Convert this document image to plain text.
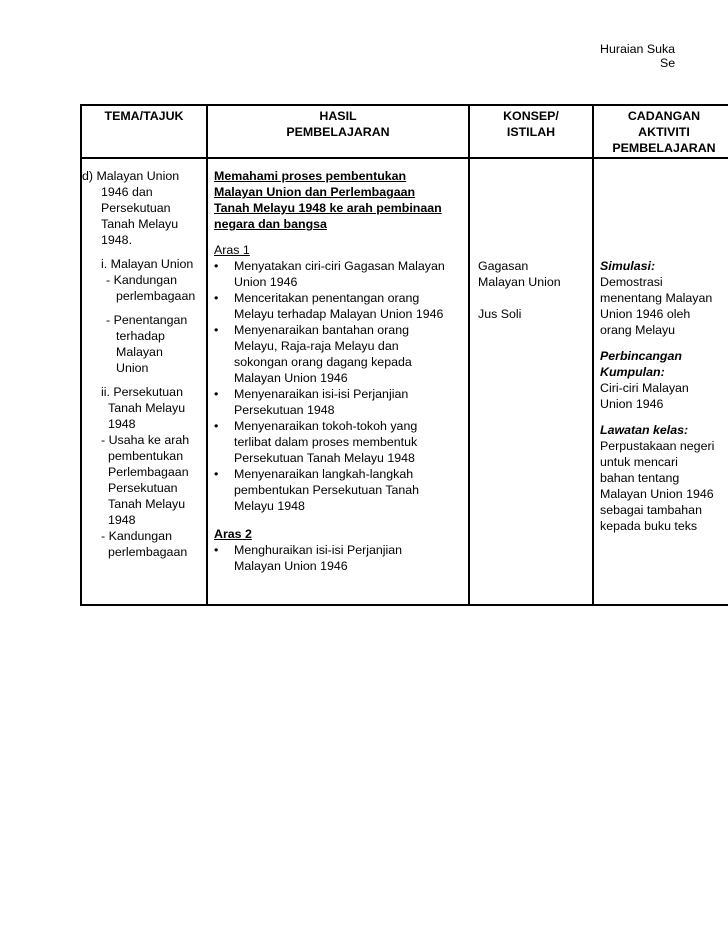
Huraian Suka
Se
TEMA/TAJUK	HASIL
PEMBELAJARAN
KONSEP/
ISTILAH
CADANGAN
AKTIVITI
PEMBELAJARAN
d) Malayan Union
1946 dan
Persekutuan
Tanah Melayu
1948.
i. Malayan Union
- Kandungan
perlembagaan
- Penentangan
terhadap
Malayan
Union
ii. Persekutuan
Tanah Melayu
1948
- Usaha ke arah
pembentukan
Perlembagaan
Persekutuan
Tanah Melayu
1948
- Kandungan
perlembagaan
Memahami proses pembentukan
Malayan Union dan Perlembagaan
Tanah Melayu 1948 ke arah pembinaan
negara dan bangsa
Aras 1
• Menyatakan ciri-ciri Gagasan Malayan
Union 1946
• Menceritakan penentangan orang
Melayu terhadap Malayan Union 1946
• Menyenaraikan bantahan orang
Melayu, Raja-raja Melayu dan
sokongan orang dagang kepada
Malayan Union 1946
• Menyenaraikan isi-isi Perjanjian
Persekutuan 1948
• Menyenaraikan tokoh-tokoh yang
terlibat dalam proses membentuk
Persekutuan Tanah Melayu 1948
• Menyenaraikan langkah-langkah
pembentukan Persekutuan Tanah
Melayu 1948
Aras 2
• Menghuraikan isi-isi Perjanjian
Malayan Union 1946
Gagasan
Malayan Union
Jus Soli
Simulasi:
Demostrasi
menentang Malayan
Union 1946 oleh
orang Melayu
Perbincangan
Kumpulan:
Ciri-ciri Malayan
Union 1946
Lawatan kelas:
Perpustakaan negeri
untuk mencari
bahan tentang
Malayan Union 1946
sebagai tambahan
kepada buku teks
